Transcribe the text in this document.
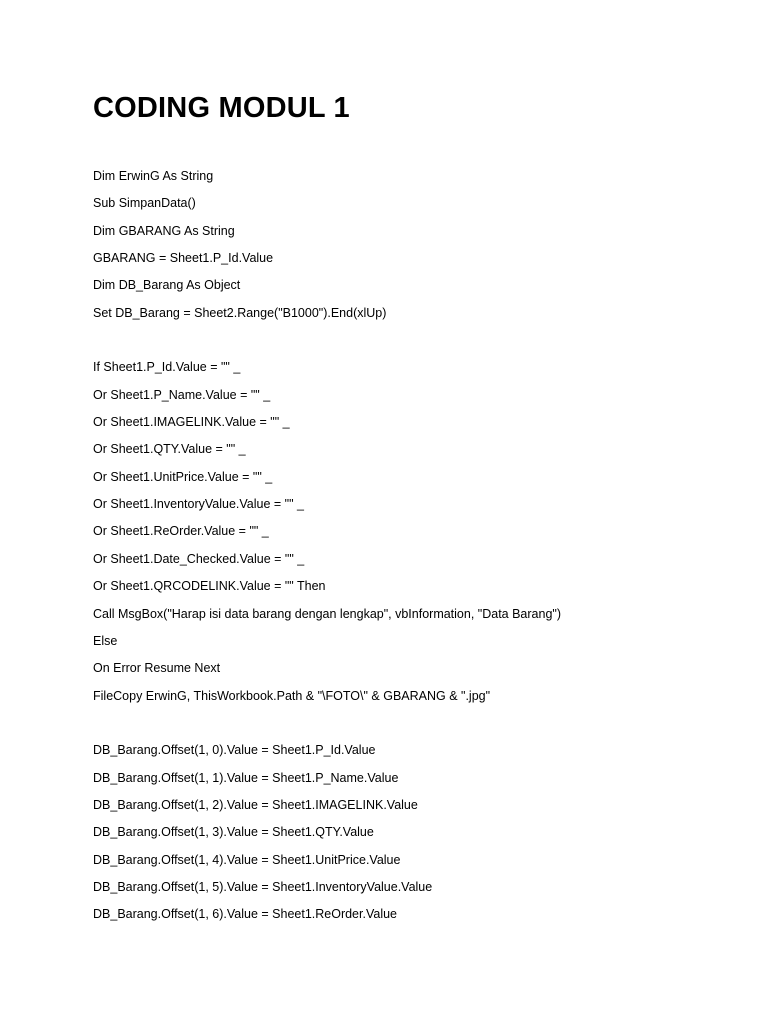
CODING MODUL 1
Dim ErwinG As String
Sub SimpanData()
Dim GBARANG As String
GBARANG = Sheet1.P_Id.Value
Dim DB_Barang As Object
Set DB_Barang = Sheet2.Range("B1000").End(xlUp)
If Sheet1.P_Id.Value = "" _
Or Sheet1.P_Name.Value = "" _
Or Sheet1.IMAGELINK.Value = "" _
Or Sheet1.QTY.Value = "" _
Or Sheet1.UnitPrice.Value = "" _
Or Sheet1.InventoryValue.Value = "" _
Or Sheet1.ReOrder.Value = "" _
Or Sheet1.Date_Checked.Value = "" _
Or Sheet1.QRCODELINK.Value = "" Then
Call MsgBox("Harap isi data barang dengan lengkap", vbInformation, "Data Barang")
Else
On Error Resume Next
FileCopy ErwinG, ThisWorkbook.Path & "\FOTO\" & GBARANG & ".jpg"
DB_Barang.Offset(1, 0).Value = Sheet1.P_Id.Value
DB_Barang.Offset(1, 1).Value = Sheet1.P_Name.Value
DB_Barang.Offset(1, 2).Value = Sheet1.IMAGELINK.Value
DB_Barang.Offset(1, 3).Value = Sheet1.QTY.Value
DB_Barang.Offset(1, 4).Value = Sheet1.UnitPrice.Value
DB_Barang.Offset(1, 5).Value = Sheet1.InventoryValue.Value
DB_Barang.Offset(1, 6).Value = Sheet1.ReOrder.Value
